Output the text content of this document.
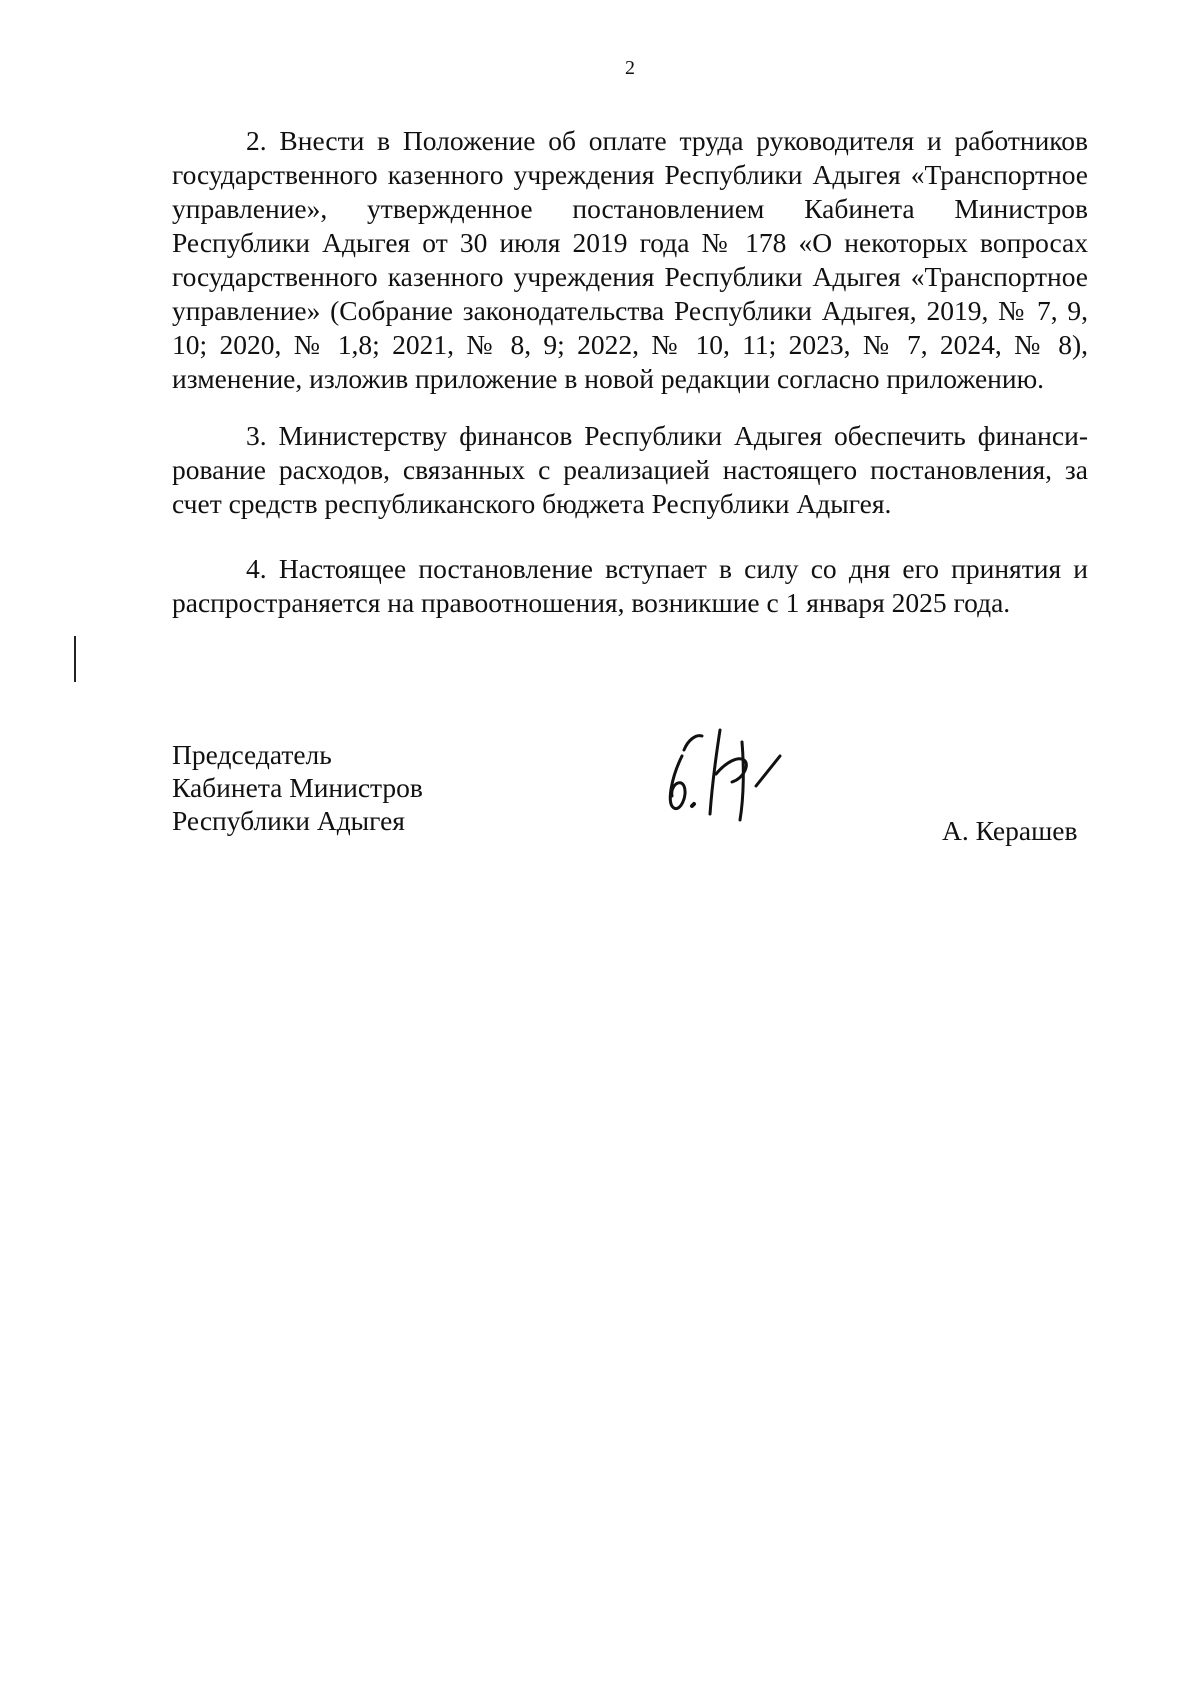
2

2. Внести в Положение об оплате труда руководителя и работников государственного казенного учреждения Республики Адыгея «Транспортное управление», утвержденное постановлением Кабинета Министров Республики Адыгея от 30 июля 2019 года № 178 «О некоторых вопросах государственного казенного учреждения Республики Адыгея «Транспортное управление» (Собрание законодательства Республики Адыгея, 2019, № 7, 9, 10; 2020, № 1,8; 2021, № 8, 9; 2022, № 10, 11; 2023, № 7, 2024, № 8), изменение, изложив приложение в новой редакции согласно приложению.

3. Министерству финансов Республики Адыгея обеспечить финансирование расходов, связанных с реализацией настоящего постановления, за счет средств республиканского бюджета Республики Адыгея.

4. Настоящее постановление вступает в силу со дня его принятия и распространяется на правоотношения, возникшие с 1 января 2025 года.

Председатель
Кабинета Министров
Республики Адыгея	А. Керашев
